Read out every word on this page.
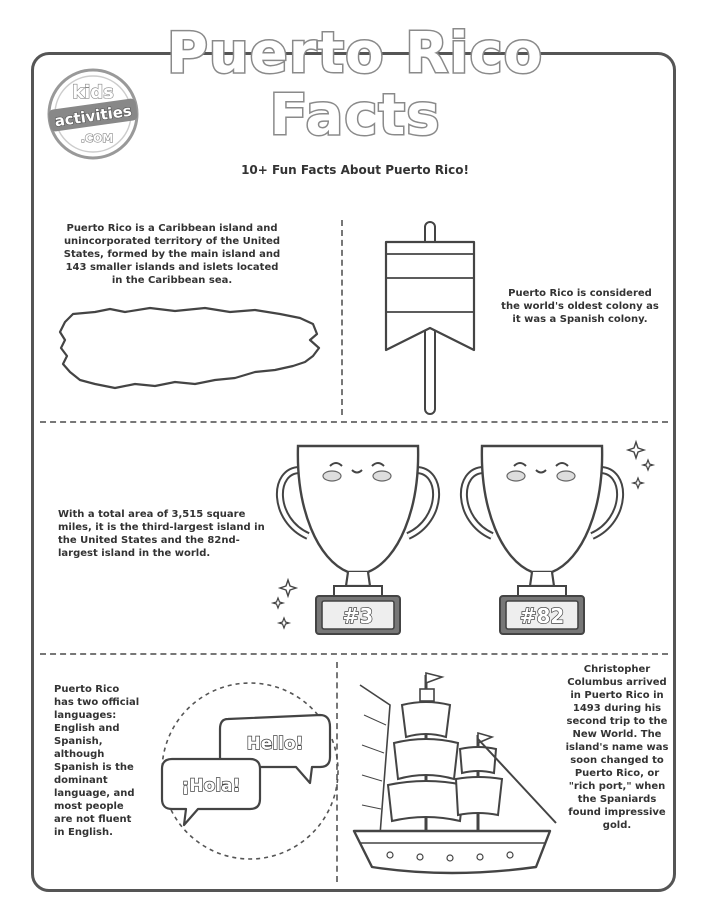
Puerto Rico
Facts
10+ Fun Facts About Puerto Rico!
kids
activities
.COM
Puerto Rico is a Caribbean island and unincorporated territory of the United States, formed by the main island and 143 smaller islands and islets located in the Caribbean sea.
Puerto Rico is considered the world's oldest colony as it was a Spanish colony.
With a total area of 3,515 square miles, it is the third-largest island in the United States and the 82nd-largest island in the world.
Puerto Rico has two official languages: English and Spanish, although Spanish is the dominant language, and most people are not fluent in English.
Christopher Columbus arrived in Puerto Rico in 1493 during his second trip to the New World. The island's name was soon changed to Puerto Rico, or "rich port," when the Spaniards found impressive gold.
#3	#82
Hello!
¡Hola!
